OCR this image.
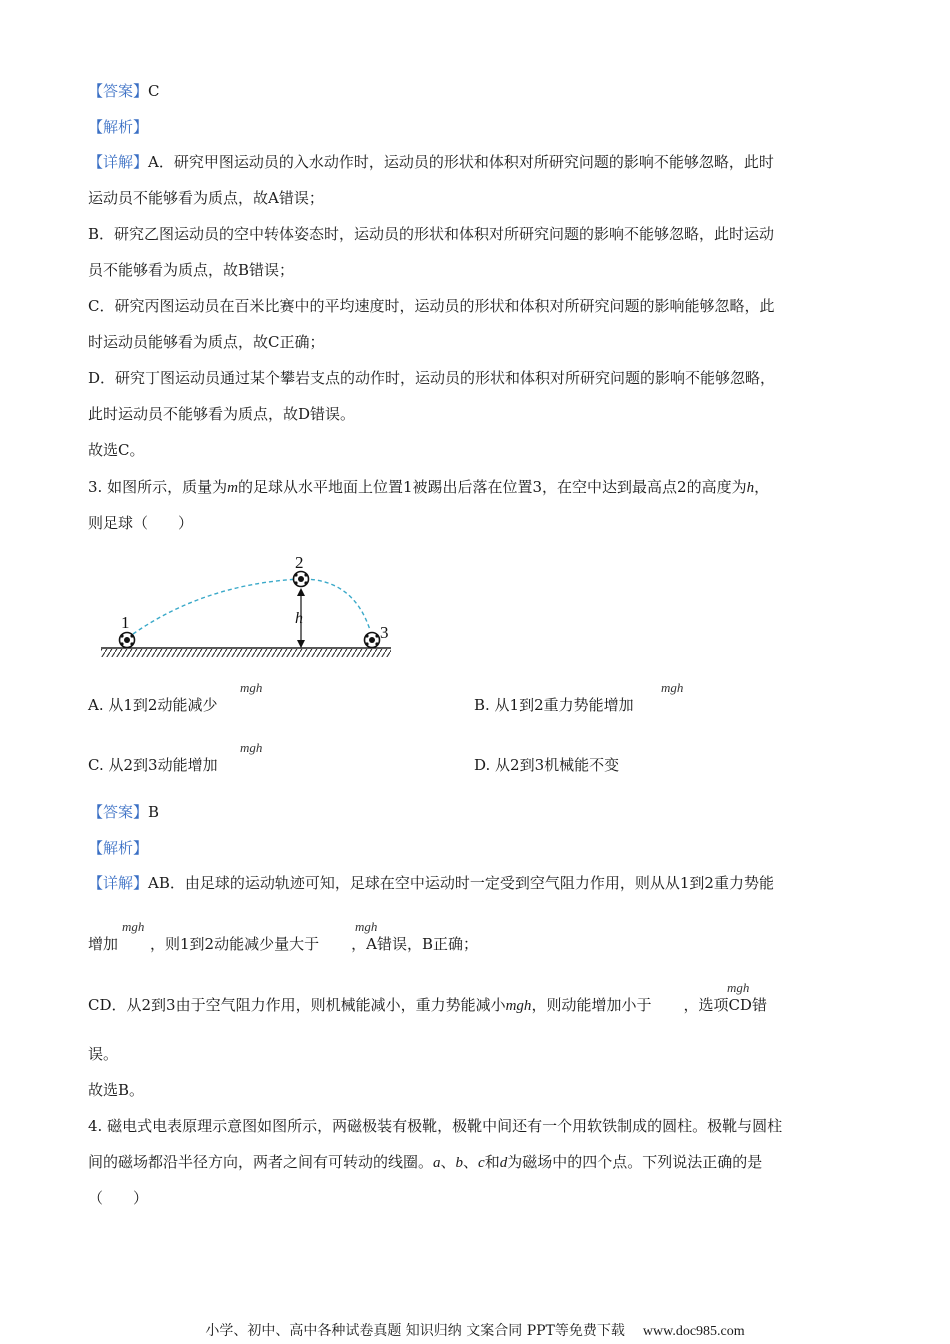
【答案】C
【解析】
【详解】A．研究甲图运动员的入水动作时，运动员的形状和体积对所研究问题的影响不能够忽略，此时
运动员不能够看为质点，故A错误；
B．研究乙图运动员的空中转体姿态时，运动员的形状和体积对所研究问题的影响不能够忽略，此时运动
员不能够看为质点，故B错误；
C．研究丙图运动员在百米比赛中的平均速度时，运动员的形状和体积对所研究问题的影响能够忽略，此
时运动员能够看为质点，故C正确；
D．研究丁图运动员通过某个攀岩支点的动作时，运动员的形状和体积对所研究问题的影响不能够忽略，
此时运动员不能够看为质点，故D错误。
故选C。
3. 如图所示，质量为m的足球从水平地面上位置1被踢出后落在位置3，在空中达到最高点2的高度为h，
则足球（　　）
1
2
3
h
A. 从1到2动能减少
mgh
B. 从1到2重力势能增加
mgh
C. 从2到3动能增加
mgh
D. 从2到3机械能不变
【答案】B
【解析】
【详解】AB．由足球的运动轨迹可知，足球在空中运动时一定受到空气阻力作用，则从从1到2重力势能
增加 ，则1到2动能减少量大于 ，A错误，B正确；
mgh	mgh
CD．从2到3由于空气阻力作用，则机械能减小，重力势能减小mgh，则动能增加小于 ，选项CD错
mgh
误。
故选B。
4. 磁电式电表原理示意图如图所示，两磁极装有极靴，极靴中间还有一个用软铁制成的圆柱。极靴与圆柱
间的磁场都沿半径方向，两者之间有可转动的线圈。a、b、c和d为磁场中的四个点。下列说法正确的是
（　　）
小学、初中、高中各种试卷真题 知识归纳 文案合同 PPT等免费下载 www.doc985.com
